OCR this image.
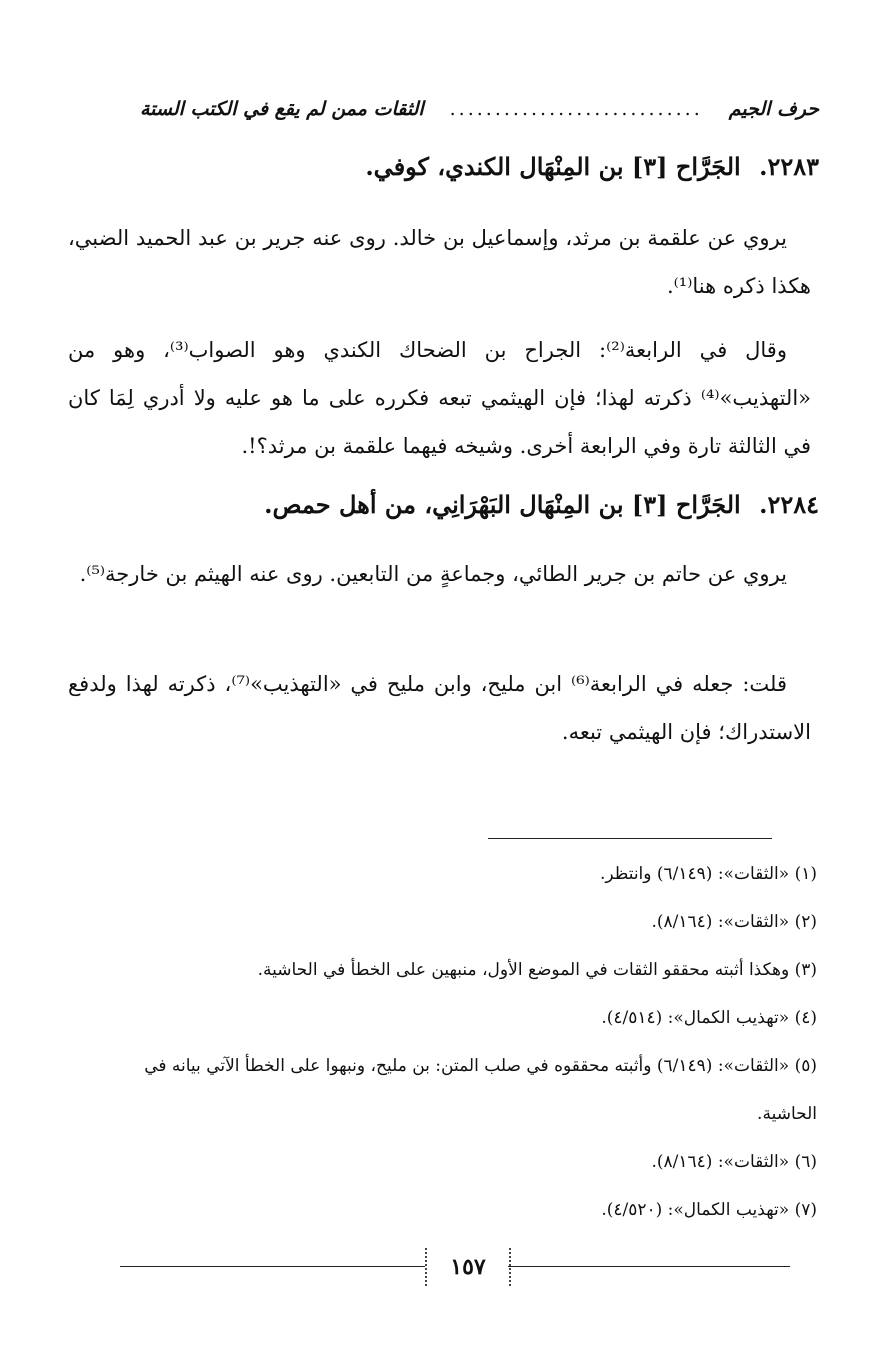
حرف الجيم
............................
الثقات ممن لم يقع في الكتب الستة
٢٢٨٣. الجَرَّاح [٣] بن المِنْهَال الكندي، كوفي.
يروي عن علقمة بن مرثد، وإسماعيل بن خالد. روى عنه جرير بن عبد الحميد الضبي، هكذا ذكره هنا⁽¹⁾.
وقال في الرابعة⁽²⁾: الجراح بن الضحاك الكندي وهو الصواب⁽³⁾، وهو من «التهذيب»⁽⁴⁾ ذكرته لهذا؛ فإن الهيثمي تبعه فكرره على ما هو عليه ولا أدري لِمَا كان في الثالثة تارة وفي الرابعة أخرى. وشيخه فيهما علقمة بن مرثد؟!.
٢٢٨٤. الجَرَّاح [٣] بن المِنْهَال البَهْرَانِي، من أهل حمص.
يروي عن حاتم بن جرير الطائي، وجماعةٍ من التابعين. روى عنه الهيثم بن خارجة⁽⁵⁾.
قلت: جعله في الرابعة⁽⁶⁾ ابن مليح، وابن مليح في «التهذيب»⁽⁷⁾، ذكرته لهذا ولدفع الاستدراك؛ فإن الهيثمي تبعه.
(١) «الثقات»: (٦/١٤٩) وانتظر.
(٢) «الثقات»: (٨/١٦٤).
(٣) وهكذا أثبته محققو الثقات في الموضع الأول، منبهين على الخطأ في الحاشية.
(٤) «تهذيب الكمال»: (٤/٥١٤).
(٥) «الثقات»: (٦/١٤٩) وأثبته محققوه في صلب المتن: بن مليح، ونبهوا على الخطأ الآتي بيانه في الحاشية.
(٦) «الثقات»: (٨/١٦٤).
(٧) «تهذيب الكمال»: (٤/٥٢٠).
١٥٧
